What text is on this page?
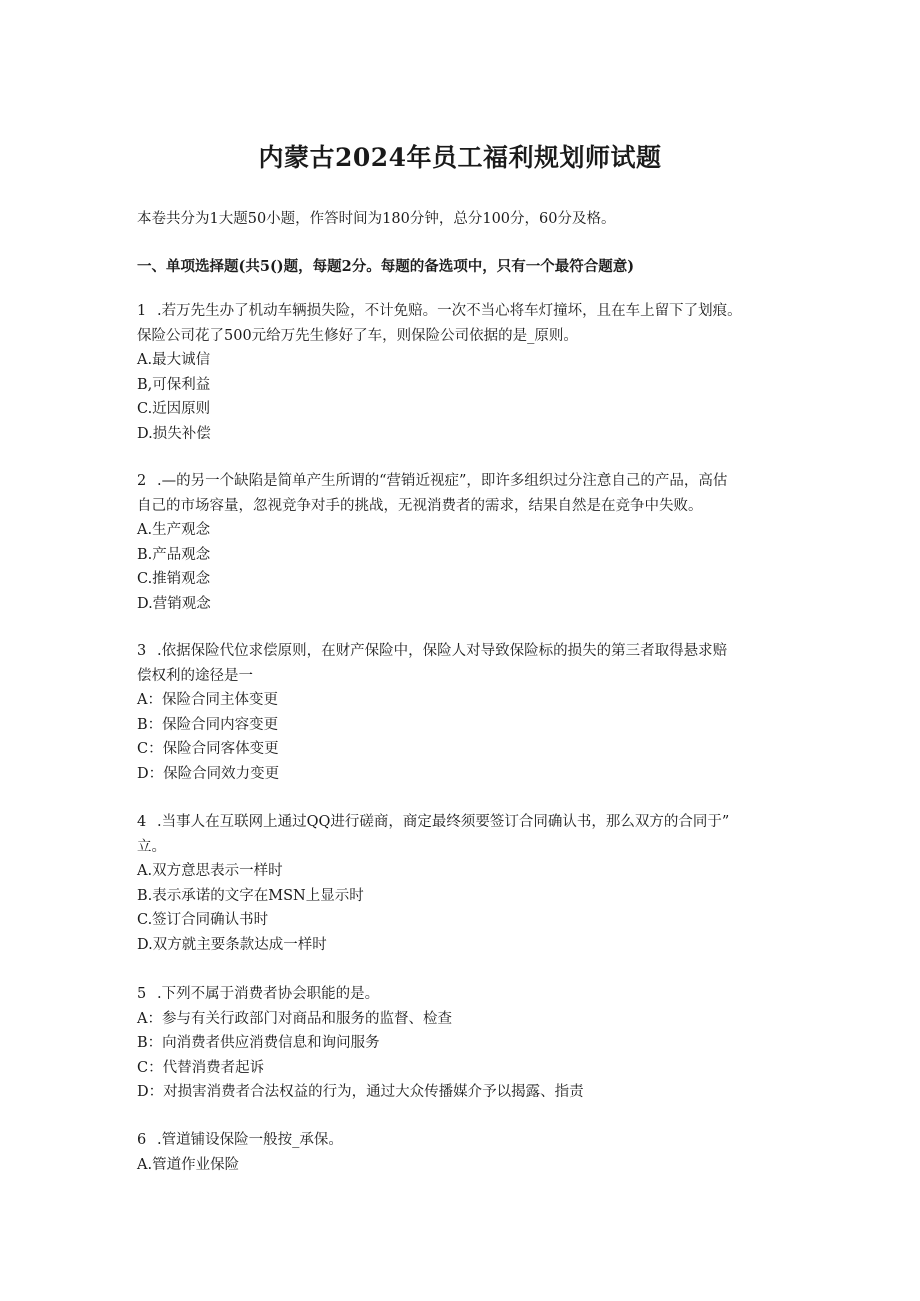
内蒙古2024年员工福利规划师试题
本卷共分为1大题50小题，作答时间为180分钟，总分100分，60分及格。
一、单项选择题(共5()题，每题2分。每题的备选项中，只有一个最符合题意)

1 .若万先生办了机动车辆损失险，不计免赔。一次不当心将车灯撞坏，且在车上留下了划痕。

保险公司花了500元给万先生修好了车，则保险公司依据的是_原则。

A.最大诚信

B,可保利益

C.近因原则

D.损失补偿

2 .—的另一个缺陷是简单产生所谓的“营销近视症”，即许多组织过分注意自己的产品，高估

自己的市场容量，忽视竞争对手的挑战，无视消费者的需求，结果自然是在竞争中失败。

A.生产观念

B.产品观念

C.推销观念

D.营销观念

3 .依据保险代位求偿原则，在财产保险中，保险人对导致保险标的损失的第三者取得悬求赔

偿权利的途径是一

A：保险合同主体变更

B：保险合同内容变更

C：保险合同客体变更

D：保险合同效力变更

4 .当事人在互联网上通过QQ进行磋商，商定最终须要签订合同确认书，那么双方的合同于”

立。

A.双方意思表示一样时

B.表示承诺的文字在MSN上显示时

C.签订合同确认书时

D.双方就主要条款达成一样时

5 .下列不属于消费者协会职能的是。

A：参与有关行政部门对商品和服务的监督、检查

B：向消费者供应消费信息和询问服务

C：代替消费者起诉

D：对损害消费者合法权益的行为，通过大众传播媒介予以揭露、指责

6 .管道铺设保险一般按_承保。

A.管道作业保险
